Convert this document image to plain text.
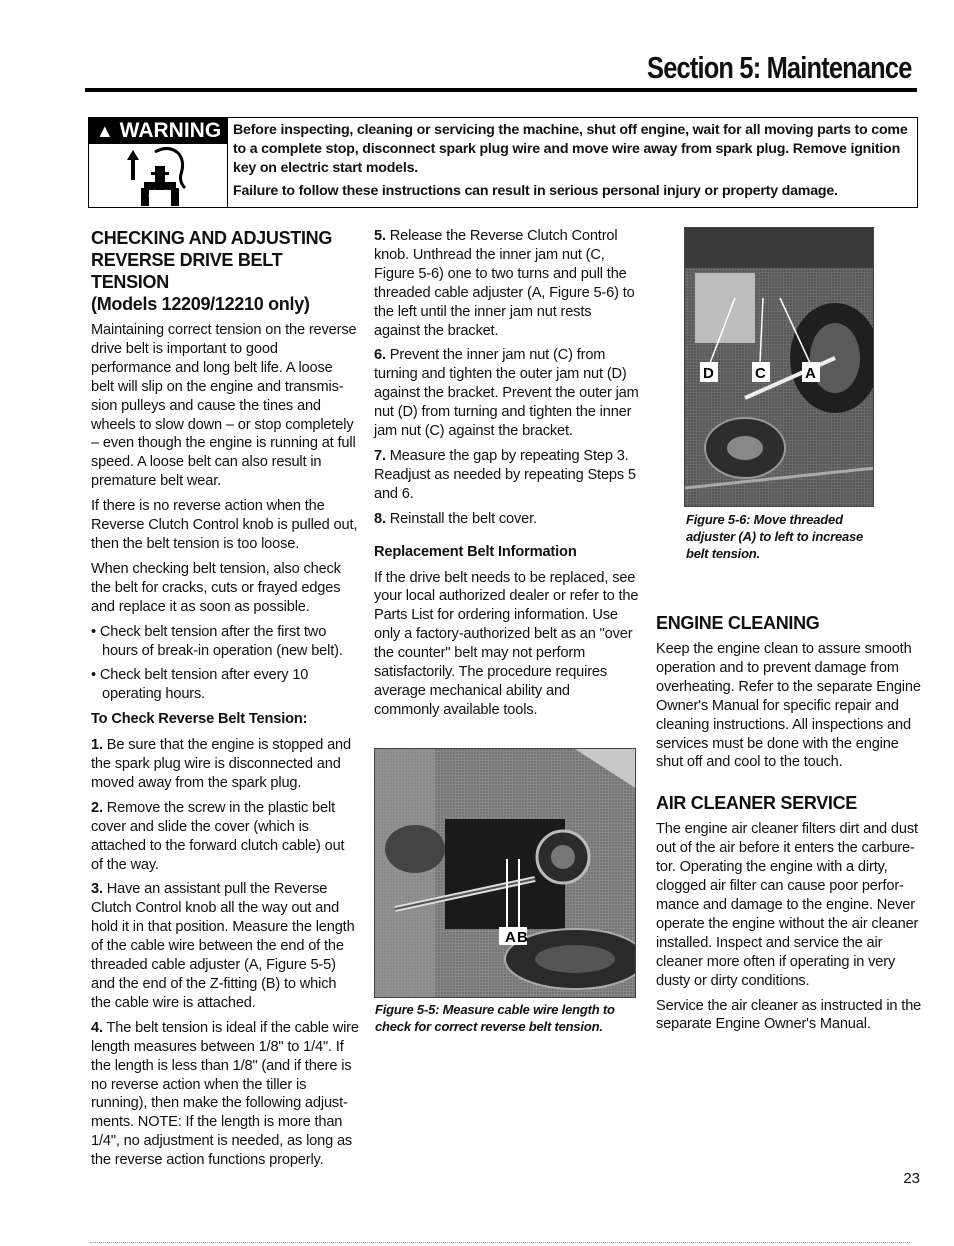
Section 5: Maintenance
▲ WARNING Before inspecting, cleaning or servicing the machine, shut off engine, wait for all moving parts to come to a complete stop, disconnect spark plug wire and move wire away from spark plug. Remove ignition key on electric start models.

Failure to follow these instructions can result in serious personal injury or property damage.

CHECKING AND ADJUSTING
REVERSE DRIVE BELT TENSION
(Models 12209/12210 only)

Maintaining correct tension on the reverse drive belt is important to good performance and long belt life. A loose belt will slip on the engine and transmission pulleys and cause the tines and wheels to slow down – or stop completely – even though the engine is running at full speed. A loose belt can also result in premature belt wear.

If there is no reverse action when the Reverse Clutch Control knob is pulled out, then the belt tension is too loose.

When checking belt tension, also check the belt for cracks, cuts or frayed edges and replace it as soon as possible.

• Check belt tension after the first two hours of break-in operation (new belt).
• Check belt tension after every 10 operating hours.
To Check Reverse Belt Tension:

1. Be sure that the engine is stopped and the spark plug wire is disconnected and moved away from the spark plug.

2. Remove the screw in the plastic belt cover and slide the cover (which is attached to the forward clutch cable) out of the way.

3. Have an assistant pull the Reverse Clutch Control knob all the way out and hold it in that position. Measure the length of the cable wire between the end of the threaded cable adjuster (A, Figure 5-5) and the end of the Z-fitting (B) to which the cable wire is attached.

4. The belt tension is ideal if the cable wire length measures between 1/8" to 1/4". If the length is less than 1/8" (and if there is no reverse action when the tiller is running), then make the following adjustments. NOTE: If the length is more than 1/4", no adjustment is needed, as long as the reverse action functions properly.

5. Release the Reverse Clutch Control knob. Unthread the inner jam nut (C, Figure 5-6) one to two turns and pull the threaded cable adjuster (A, Figure 5-6) to the left until the inner jam nut rests against the bracket.

6. Prevent the inner jam nut (C) from turning and tighten the outer jam nut (D) against the bracket. Prevent the outer jam nut (D) from turning and tighten the inner jam nut (C) against the bracket.

7. Measure the gap by repeating Step 3. Readjust as needed by repeating Steps 5 and 6.

8. Reinstall the belt cover.

Replacement Belt Information

If the drive belt needs to be replaced, see your local authorized dealer or refer to the Parts List for ordering information. Use only a factory-authorized belt as an "over the counter" belt may not perform satisfactorily. The procedure requires average mechanical ability and commonly available tools.

A B
Figure 5-5: Measure cable wire length to check for correct reverse belt tension.
D	C	A
Figure 5-6: Move threaded adjuster (A) to left to increase belt tension.
ENGINE CLEANING

Keep the engine clean to assure smooth operation and to prevent damage from overheating. Refer to the separate Engine Owner's Manual for specific repair and cleaning instructions. All inspections and services must be done with the engine shut off and cool to the touch.

AIR CLEANER SERVICE

The engine air cleaner filters dirt and dust out of the air before it enters the carburetor. Operating the engine with a dirty, clogged air filter can cause poor performance and damage to the engine. Never operate the engine without the air cleaner installed. Inspect and service the air cleaner more often if operating in very dusty or dirty conditions.

Service the air cleaner as instructed in the separate Engine Owner's Manual.

23
